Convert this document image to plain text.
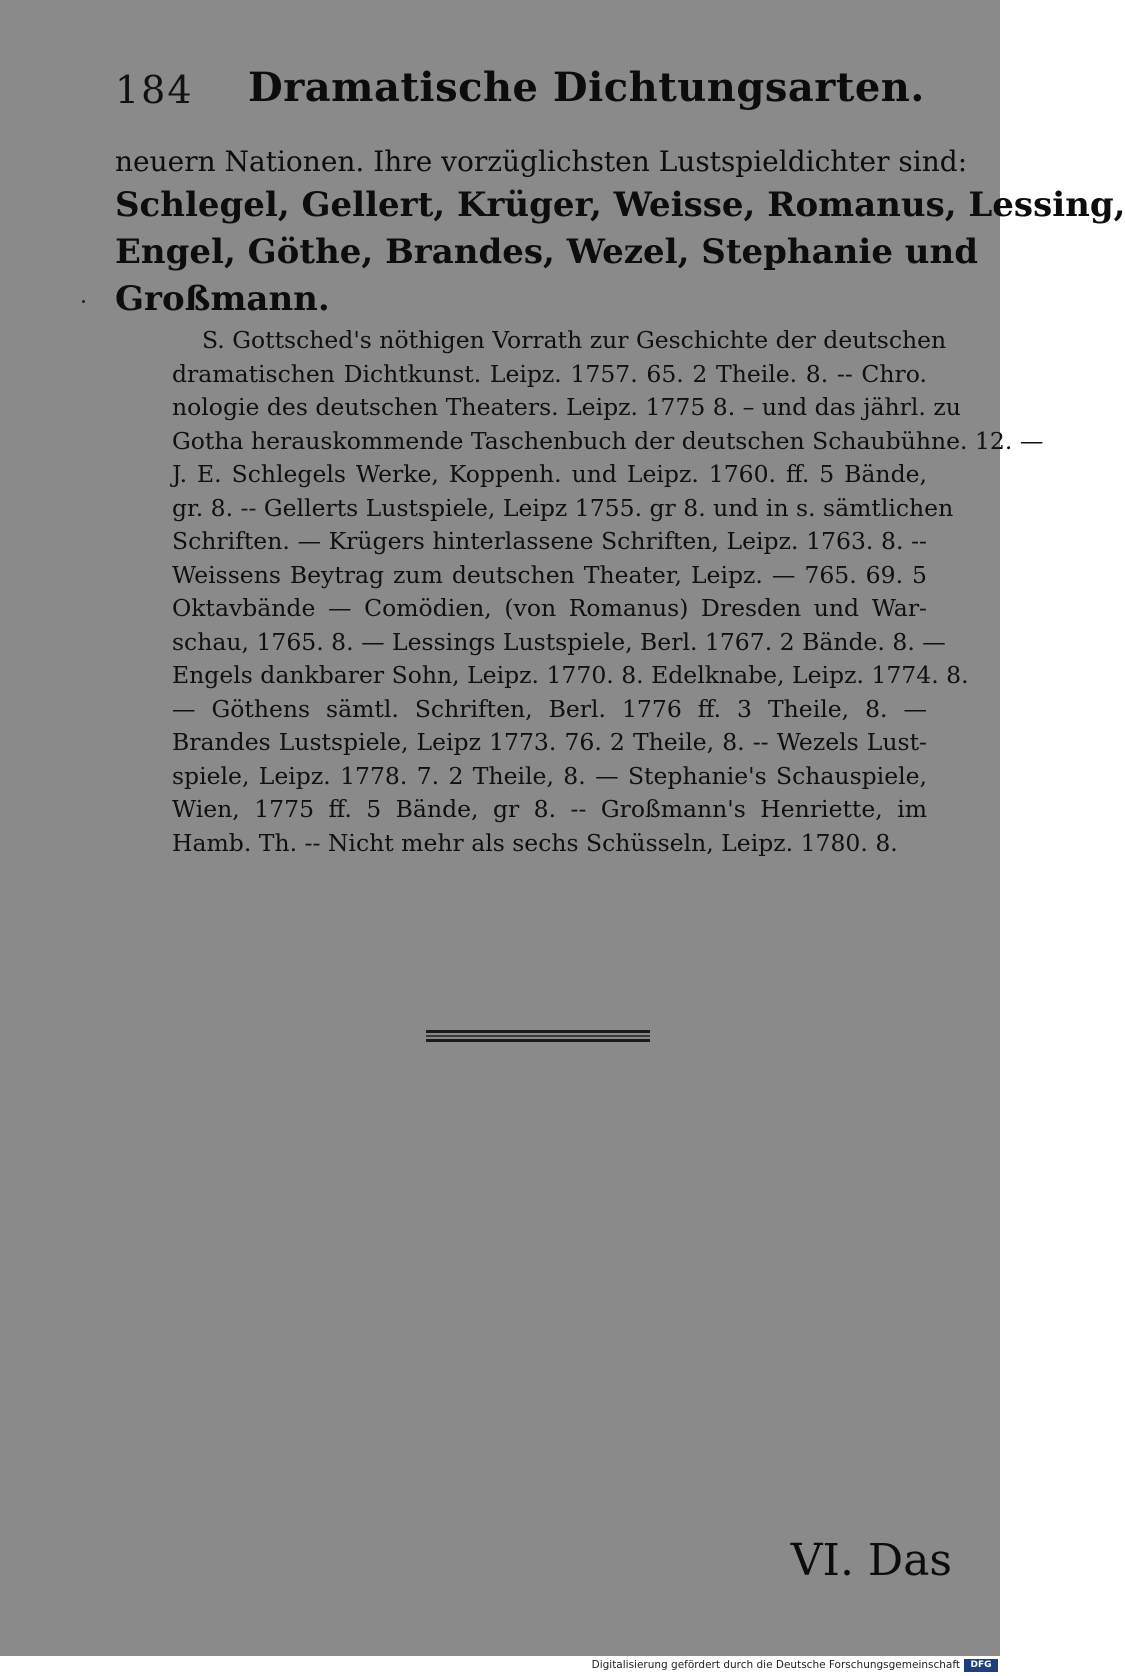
184 Dramatische Dichtungsarten.
neuern Nationen. Ihre vorzüglichsten Lustspieldichter sind:
Schlegel, Gellert, Krüger, Weisse, Romanus, Lessing,
Engel, Göthe, Brandes, Wezel, Stephanie und
Großmann.
S. Gottsched's nöthigen Vorrath zur Geschichte der deutschen
dramatischen Dichtkunst. Leipz. 1757. 65. 2 Theile. 8. -- Chro.
nologie des deutschen Theaters. Leipz. 1775 8. – und das jährl. zu
Gotha herauskommende Taschenbuch der deutschen Schaubühne. 12. —
J. E. Schlegels Werke, Koppenh. und Leipz. 1760. ff. 5 Bände,
gr. 8. -- Gellerts Lustspiele, Leipz 1755. gr 8. und in s. sämtlichen
Schriften. — Krügers hinterlassene Schriften, Leipz. 1763. 8. --
Weissens Beytrag zum deutschen Theater, Leipz. — 765. 69. 5
Oktavbände — Comödien, (von Romanus) Dresden und War-
schau, 1765. 8. — Lessings Lustspiele, Berl. 1767. 2 Bände. 8. —
Engels dankbarer Sohn, Leipz. 1770. 8. Edelknabe, Leipz. 1774. 8.
— Göthens sämtl. Schriften, Berl. 1776 ff. 3 Theile, 8. —
Brandes Lustspiele, Leipz 1773. 76. 2 Theile, 8. -- Wezels Lust-
spiele, Leipz. 1778. 7. 2 Theile, 8. — Stephanie's Schauspiele,
Wien, 1775 ff. 5 Bände, gr 8. -- Großmann's Henriette, im
Hamb. Th. -- Nicht mehr als sechs Schüsseln, Leipz. 1780. 8.
VI. Das
Digitalisierung gefördert durch die Deutsche Forschungsgemeinschaft	DFG
